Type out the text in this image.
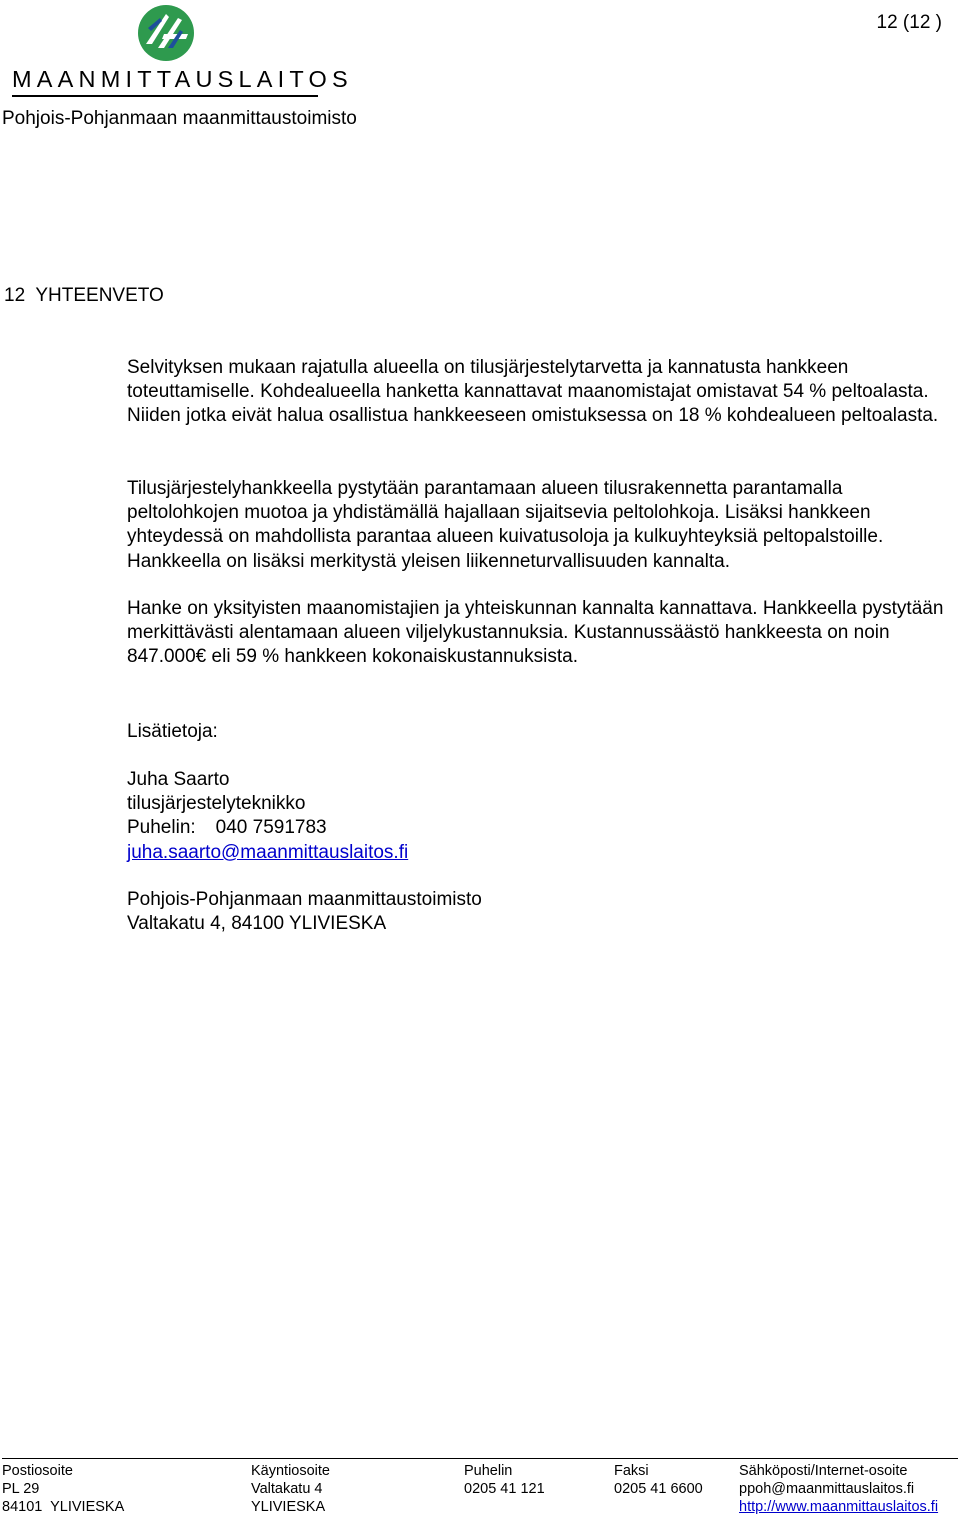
MAANMITTAUSLAITOS
Pohjois-Pohjanmaan maanmittaustoimisto
12 (12 )
12  YHTEENVETO
Selvityksen mukaan rajatulla alueella on tilusjärjestelytarvetta ja kannatusta hankkeen toteuttamiselle. Kohdealueella hanketta kannattavat maanomistajat omistavat 54 % peltoalasta. Niiden jotka eivät halua osallistua hankkeeseen omistuksessa on 18 % kohdealueen peltoalasta.
Tilusjärjestelyhankkeella pystytään parantamaan alueen tilusrakennetta parantamalla peltolohkojen muotoa ja yhdistämällä hajallaan sijaitsevia peltolohkoja. Lisäksi hankkeen yhteydessä on mahdollista parantaa alueen kuivatusoloja ja kulkuyhteyksiä peltopalstoille. Hankkeella on lisäksi merkitystä yleisen liikenneturvallisuuden kannalta.
Hanke on yksityisten maanomistajien ja yhteiskunnan kannalta kannattava. Hankkeella pystytään merkittävästi alentamaan alueen viljelykustannuksia. Kustannussäästö hankkeesta on noin 847.000€ eli 59 % hankkeen kokonaiskustannuksista.
Lisätietoja:
Juha Saarto
tilusjärjestelyteknikko
Puhelin: 040 7591783
juha.saarto@maanmittauslaitos.fi
Pohjois-Pohjanmaan maanmittaustoimisto
Valtakatu 4, 84100 YLIVIESKA
Postiosoite
PL 29
84101  YLIVIESKA
Käyntiosoite
Valtakatu 4
YLIVIESKA
Puhelin
0205 41 121
Faksi
0205 41 6600
Sähköposti/Internet-osoite
ppoh@maanmittauslaitos.fi
http://www.maanmittauslaitos.fi
